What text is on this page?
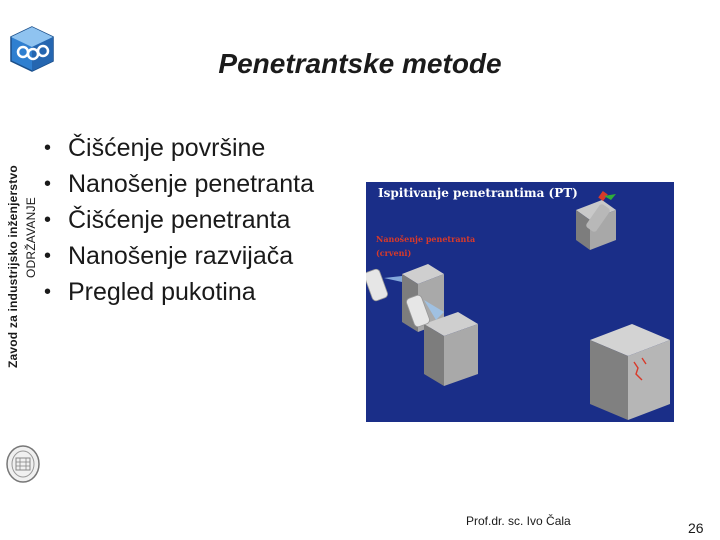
Zavod za industrijsko inženjerstvo ODRŽAVANJE
Penetrantske metode
• Čišćenje površine
• Nanošenje penetranta
• Čišćenje penetranta
• Nanošenje razvijača
• Pregled pukotina
Ispitivanje penetrantima (PT)
Nanošenje penetranta
(crveni)
Prof.dr. sc. Ivo Čala	26
